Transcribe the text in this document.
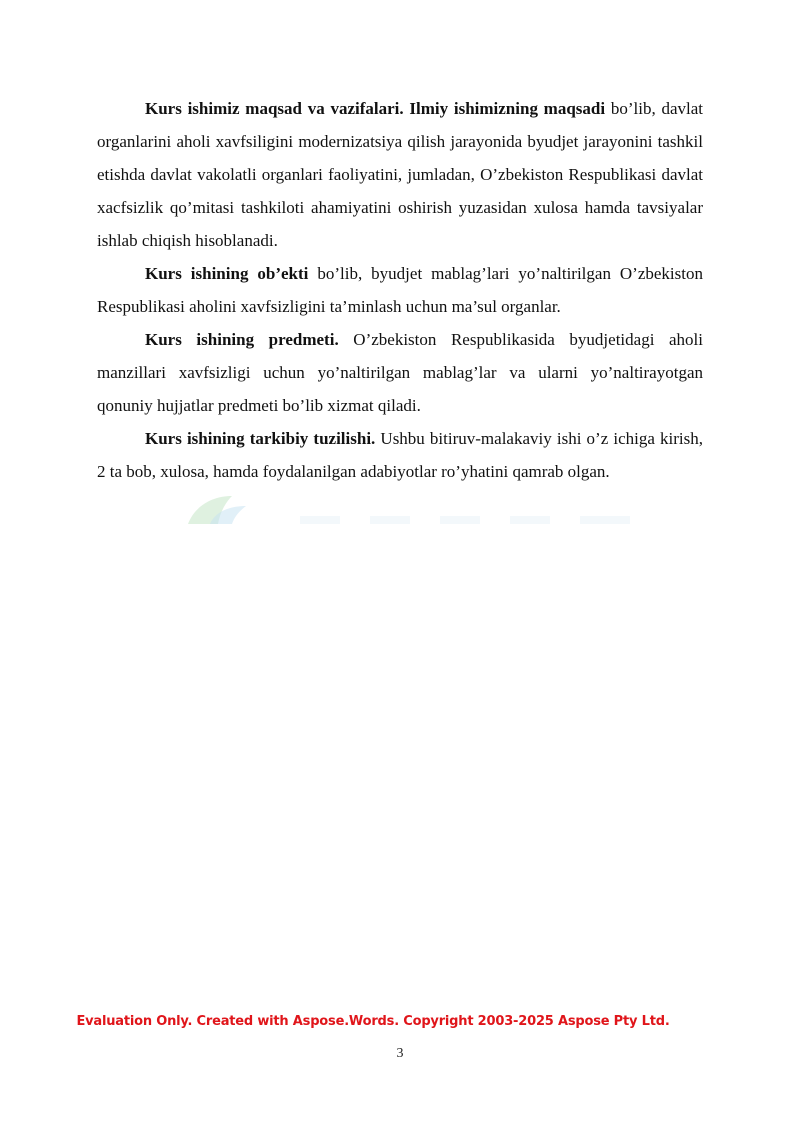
Kurs ishimiz maqsad va vazifalari. Ilmiy ishimizning maqsadi bo’lib, davlat organlarini aholi xavfsiligini modernizatsiya qilish jarayonida byudjet jarayonini tashkil etishda davlat vakolatli organlari faoliyatini, jumladan, O’zbekiston Respublikasi davlat xacfsizlik qo’mitasi tashkiloti ahamiyatini oshirish yuzasidan xulosa hamda tavsiyalar ishlab chiqish hisoblanadi.

Kurs ishining ob’ekti bo’lib, byudjet mablag’lari yo’naltirilgan O’zbekiston Respublikasi aholini xavfsizligini ta’minlash uchun ma’sul organlar.

Kurs ishining predmeti. O’zbekiston Respublikasida byudjetidagi aholi manzillari xavfsizligi uchun yo’naltirilgan mablag’lar va ularni yo’naltirayotgan qonuniy hujjatlar predmeti bo’lib xizmat qiladi.

Kurs ishining tarkibiy tuzilishi. Ushbu bitiruv-malakaviy ishi o’z ichiga kirish, 2 ta bob, xulosa, hamda foydalanilgan adabiyotlar ro’yhatini qamrab olgan.

Evaluation Only. Created with Aspose.Words. Copyright 2003-2025 Aspose Pty Ltd.
3
